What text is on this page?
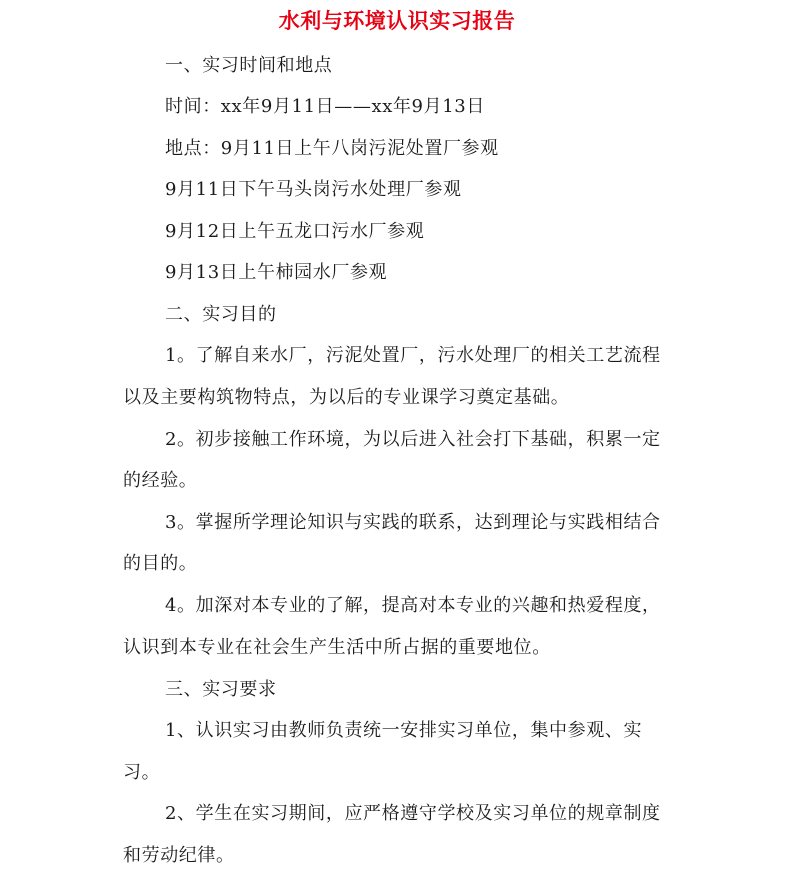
水利与环境认识实习报告
一、实习时间和地点
时间：xx年9月11日——xx年9月13日
地点：9月11日上午八岗污泥处置厂参观
9月11日下午马头岗污水处理厂参观
9月12日上午五龙口污水厂参观
9月13日上午柿园水厂参观
二、实习目的
1。了解自来水厂，污泥处置厂，污水处理厂的相关工艺流程
以及主要构筑物特点，为以后的专业课学习奠定基础。
2。初步接触工作环境，为以后进入社会打下基础，积累一定
的经验。
3。掌握所学理论知识与实践的联系，达到理论与实践相结合
的目的。
4。加深对本专业的了解，提高对本专业的兴趣和热爱程度，
认识到本专业在社会生产生活中所占据的重要地位。
三、实习要求
1、认识实习由教师负责统一安排实习单位，集中参观、实
习。
2、学生在实习期间，应严格遵守学校及实习单位的规章制度
和劳动纪律。
